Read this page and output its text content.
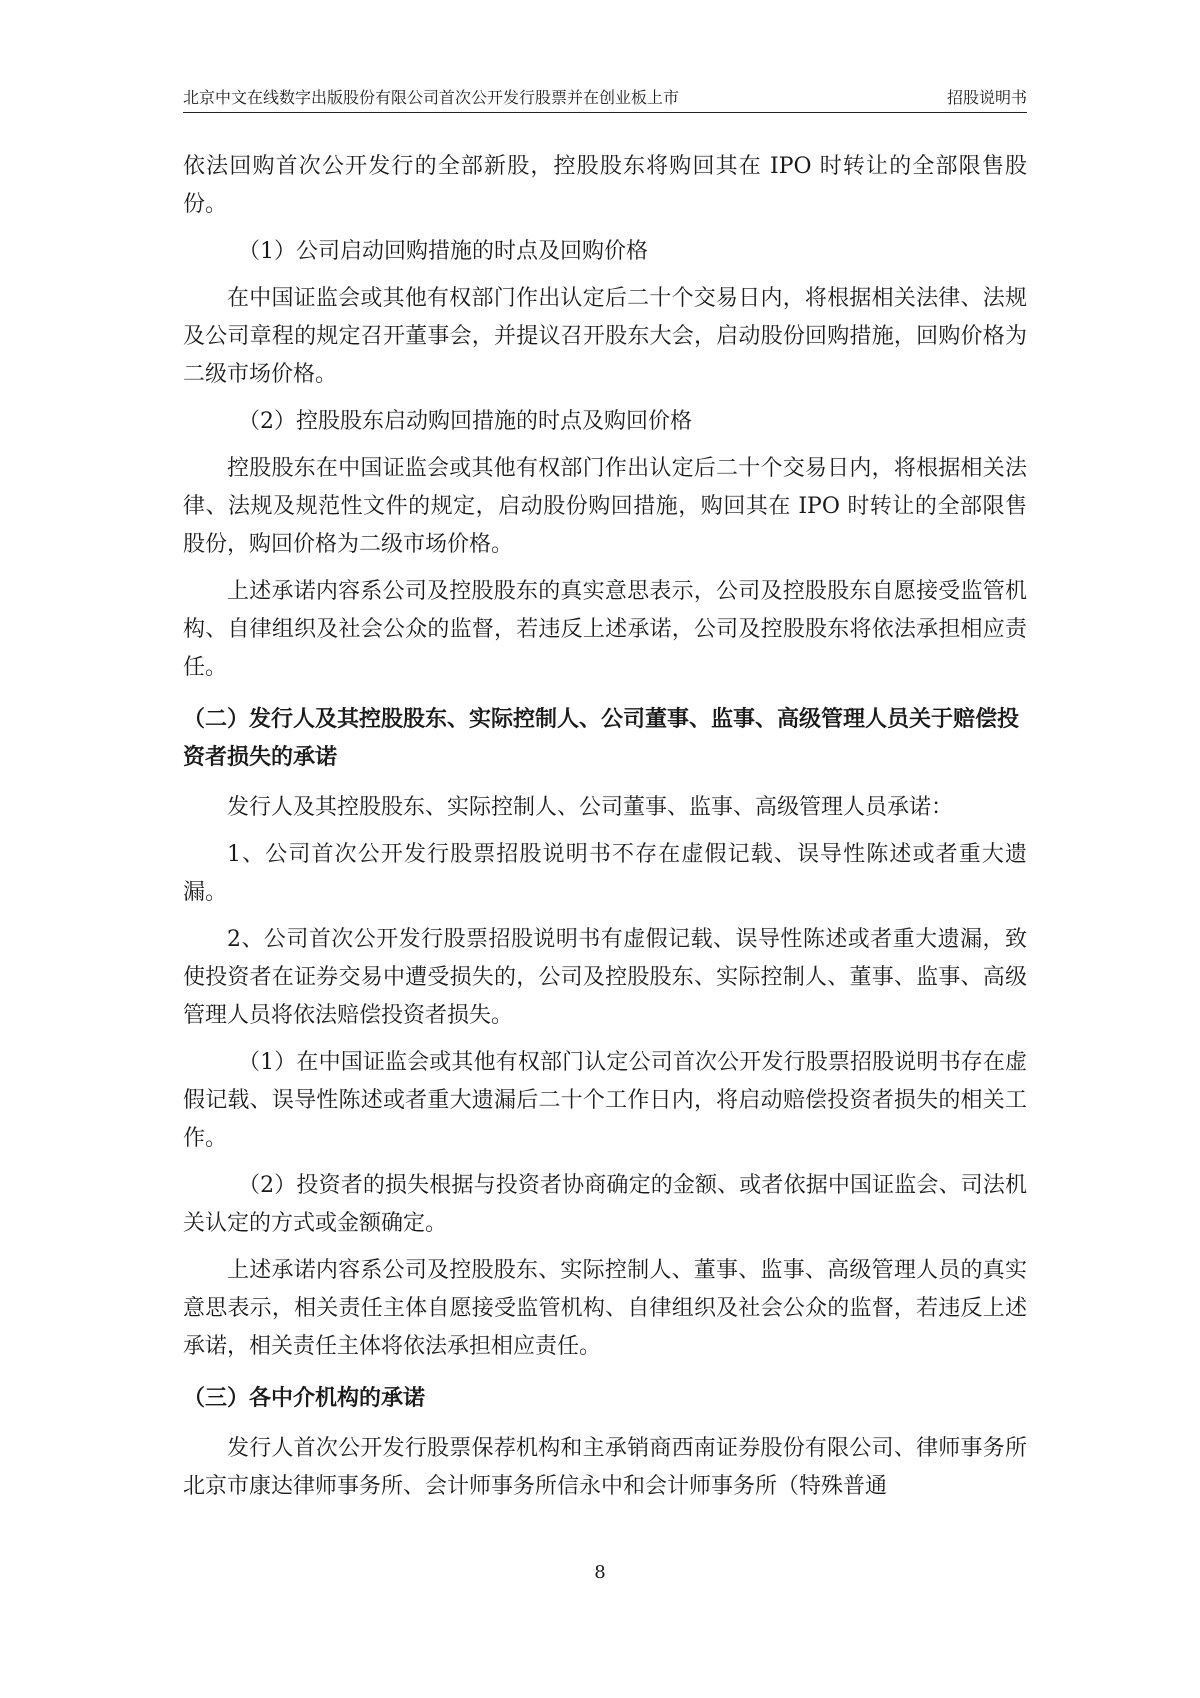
北京中文在线数字出版股份有限公司首次公开发行股票并在创业板上市	招股说明书

依法回购首次公开发行的全部新股，控股股东将购回其在 IPO 时转让的全部限售股份。

（1）公司启动回购措施的时点及回购价格

在中国证监会或其他有权部门作出认定后二十个交易日内，将根据相关法律、法规及公司章程的规定召开董事会，并提议召开股东大会，启动股份回购措施，回购价格为二级市场价格。

（2）控股股东启动购回措施的时点及购回价格

控股股东在中国证监会或其他有权部门作出认定后二十个交易日内，将根据相关法律、法规及规范性文件的规定，启动股份购回措施，购回其在 IPO 时转让的全部限售股份，购回价格为二级市场价格。

上述承诺内容系公司及控股股东的真实意思表示，公司及控股股东自愿接受监管机构、自律组织及社会公众的监督，若违反上述承诺，公司及控股股东将依法承担相应责任。

（二）发行人及其控股股东、实际控制人、公司董事、监事、高级管理人员关于赔偿投资者损失的承诺

发行人及其控股股东、实际控制人、公司董事、监事、高级管理人员承诺：

1、公司首次公开发行股票招股说明书不存在虚假记载、误导性陈述或者重大遗漏。

2、公司首次公开发行股票招股说明书有虚假记载、误导性陈述或者重大遗漏，致使投资者在证券交易中遭受损失的，公司及控股股东、实际控制人、董事、监事、高级管理人员将依法赔偿投资者损失。

（1）在中国证监会或其他有权部门认定公司首次公开发行股票招股说明书存在虚假记载、误导性陈述或者重大遗漏后二十个工作日内，将启动赔偿投资者损失的相关工作。

（2）投资者的损失根据与投资者协商确定的金额、或者依据中国证监会、司法机关认定的方式或金额确定。

上述承诺内容系公司及控股股东、实际控制人、董事、监事、高级管理人员的真实意思表示，相关责任主体自愿接受监管机构、自律组织及社会公众的监督，若违反上述承诺，相关责任主体将依法承担相应责任。

（三）各中介机构的承诺

发行人首次公开发行股票保荐机构和主承销商西南证券股份有限公司、律师事务所北京市康达律师事务所、会计师事务所信永中和会计师事务所（特殊普通

8
